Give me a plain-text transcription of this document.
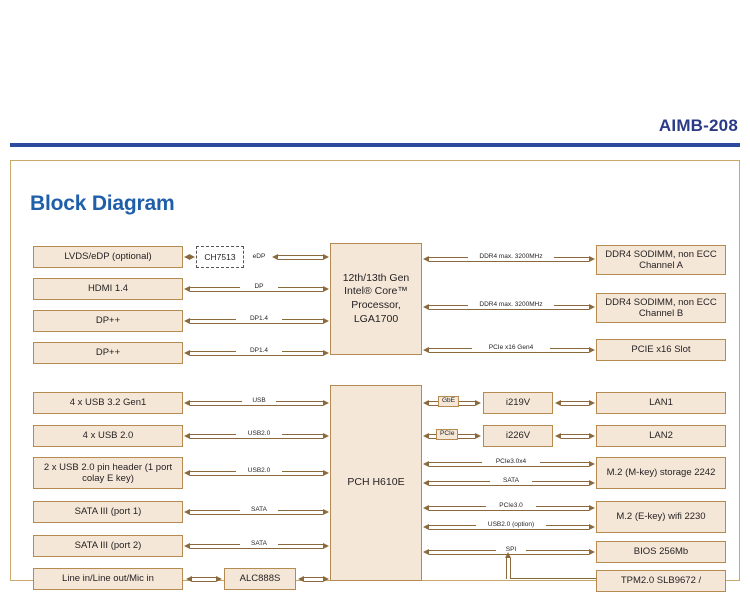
AIMB-208
Block Diagram
12th/13th Gen Intel® Core™ Processor, LGA1700
PCH H610E
LVDS/eDP (optional)	CH7513	eDP
HDMI 1.4
DP++
DP++
DP
DP1.4
DP1.4
DDR4 SODIMM, non ECC Channel A
DDR4 SODIMM, non ECC Channel B
PCIE x16 Slot
DDR4 max. 3200MHz
DDR4 max. 3200MHz
PCIe x16 Gen4
4 x USB 3.2 Gen1
4 x USB 2.0
2 x USB 2.0 pin header (1 port colay E key)
SATA III (port 1)
SATA III (port 2)
Line in/Line out/Mic in	ALC888S
USB
USB2.0
USB2.0
SATA
SATA
i219V
i226V
LAN1
LAN2
M.2 (M-key) storage 2242
M.2 (E-key) wifi 2230
BIOS 256Mb
TPM2.0 SLB9672 /
GbE
PCIe
PCIe3.0x4
SATA
PCIe3.0
USB2.0 (option)
SPI
